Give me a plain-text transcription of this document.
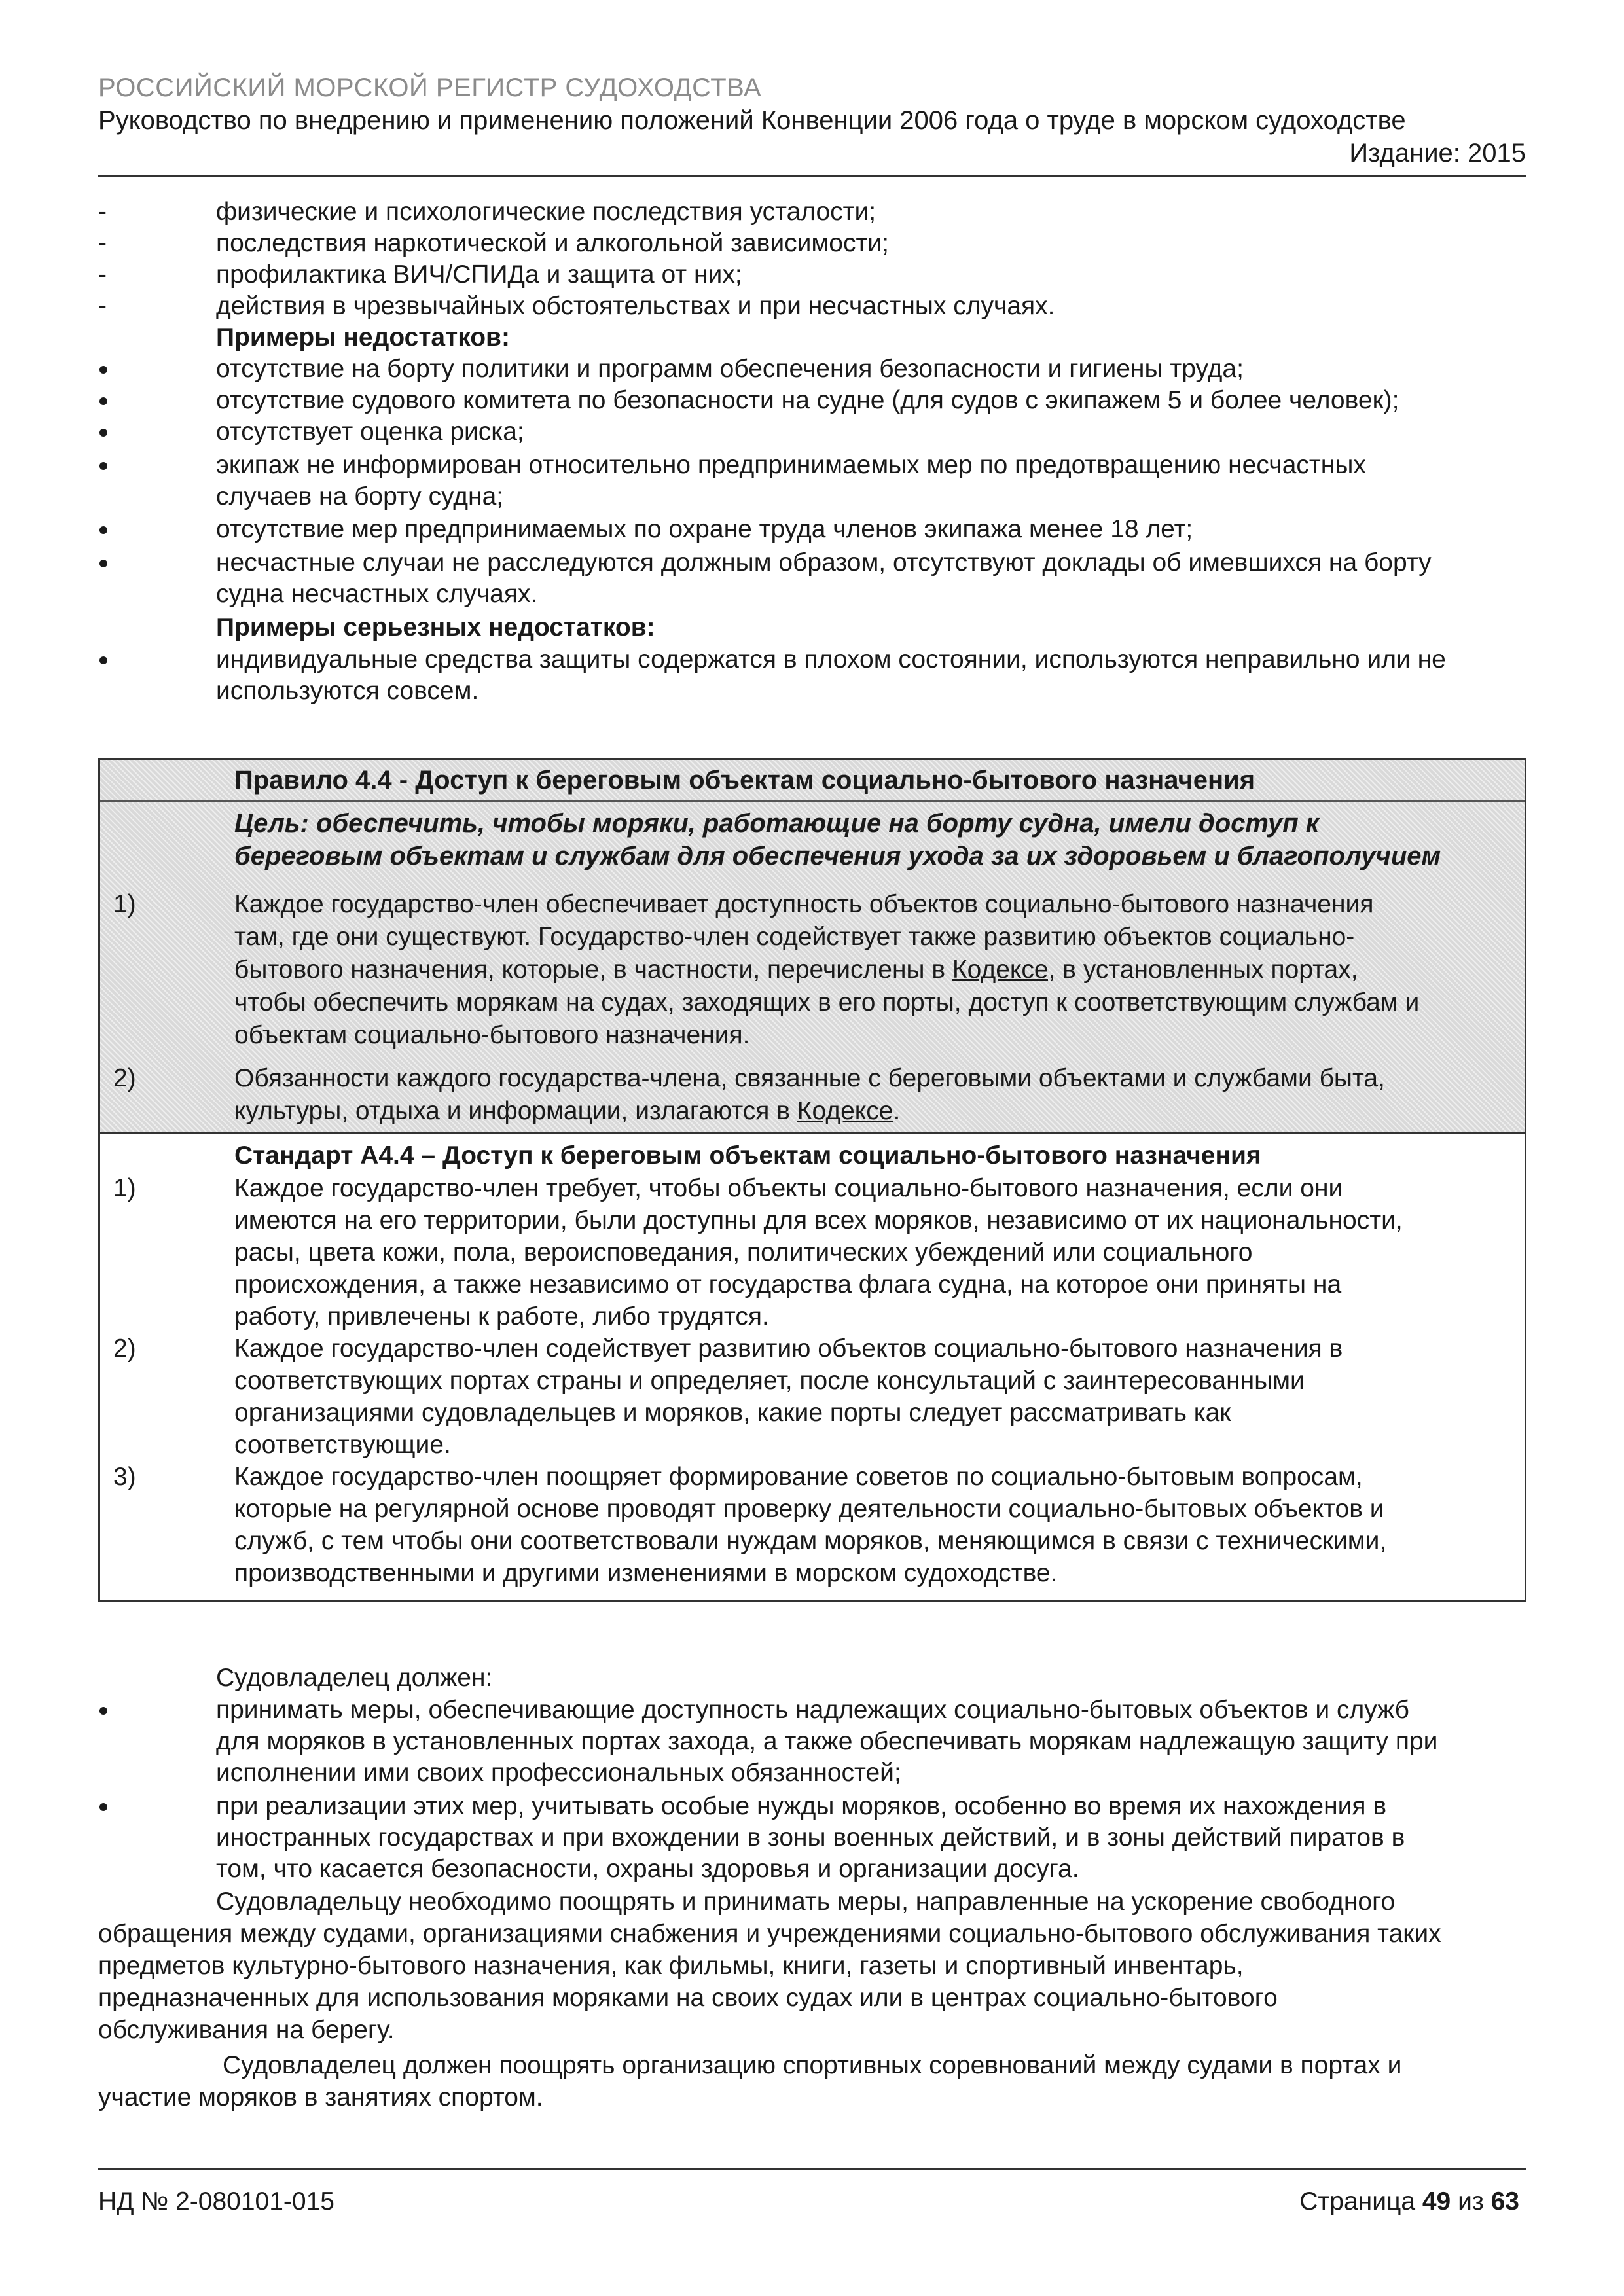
РОССИЙСКИЙ МОРСКОЙ РЕГИСТР СУДОХОДСТВА
Руководство по внедрению и применению положений Конвенции 2006 года о труде в морском судоходстве
Издание: 2015
-	физические и психологические последствия усталости;
-	последствия наркотической и алкогольной зависимости;
-	профилактика ВИЧ/СПИДа и защита от них;
-	действия в чрезвычайных обстоятельствах и при несчастных случаях.
Примеры недостатков:
отсутствие на борту политики и программ обеспечения безопасности и гигиены труда;
отсутствие судового комитета по безопасности на судне (для судов с экипажем 5 и более человек);
отсутствует оценка риска;
экипаж не информирован относительно предпринимаемых мер по предотвращению несчастных
случаев на борту судна;
отсутствие мер предпринимаемых по охране труда членов экипажа менее 18 лет;
несчастные случаи не расследуются должным образом, отсутствуют доклады об имевшихся на борту
судна несчастных случаях.
Примеры серьезных недостатков:
индивидуальные средства защиты содержатся в плохом состоянии, используются неправильно или не
используются совсем.
Правило 4.4 - Доступ к береговым объектам социально-бытового назначения
Цель: обеспечить, чтобы моряки, работающие на борту судна, имели доступ к
береговым объектам и службам для обеспечения ухода за их здоровьем и благополучием
1)	Каждое государство-член обеспечивает доступность объектов социально-бытового назначения
там, где они существуют. Государство-член содействует также развитию объектов социально-
бытового назначения, которые, в частности, перечислены в Кодексе, в установленных портах,
чтобы обеспечить морякам на судах, заходящих в его порты, доступ к соответствующим службам и
объектам социально-бытового назначения.
2)	Обязанности каждого государства-члена, связанные с береговыми объектами и службами быта,
культуры, отдыха и информации, излагаются в Кодексе.
Стандарт А4.4 – Доступ к береговым объектам социально-бытового назначения
1)	Каждое государство-член требует, чтобы объекты социально-бытового назначения, если они
имеются на его территории, были доступны для всех моряков, независимо от их национальности,
расы, цвета кожи, пола, вероисповедания, политических убеждений или социального
происхождения, а также независимо от государства флага судна, на которое они приняты на
работу, привлечены к работе, либо трудятся.
2)	Каждое государство-член содействует развитию объектов социально-бытового назначения в
соответствующих портах страны и определяет, после консультаций с заинтересованными
организациями судовладельцев и моряков, какие порты следует рассматривать как
соответствующие.
3)	Каждое государство-член поощряет формирование советов по социально-бытовым вопросам,
которые на регулярной основе проводят проверку деятельности социально-бытовых объектов и
служб, с тем чтобы они соответствовали нуждам моряков, меняющимся в связи с техническими,
производственными и другими изменениями в морском судоходстве.
Судовладелец должен:
принимать меры, обеспечивающие доступность надлежащих социально-бытовых объектов и служб
для моряков в установленных портах захода, а также обеспечивать морякам надлежащую защиту при
исполнении ими своих профессиональных обязанностей;
при реализации этих мер, учитывать особые нужды моряков, особенно во время их нахождения в
иностранных государствах и при вхождении в зоны военных действий, и в зоны действий пиратов в
том, что касается безопасности, охраны здоровья и организации досуга.
Судовладельцу необходимо поощрять и принимать меры, направленные на ускорение свободного
обращения между судами, организациями снабжения и учреждениями социально-бытового обслуживания таких
предметов культурно-бытового назначения, как фильмы, книги, газеты и спортивный инвентарь,
предназначенных для использования моряками на своих судах или в центрах социально-бытового
обслуживания на берегу.
Судовладелец должен поощрять организацию спортивных соревнований между судами в портах и
участие моряков в занятиях спортом.
НД № 2-080101-015	Страница 49 из 63
